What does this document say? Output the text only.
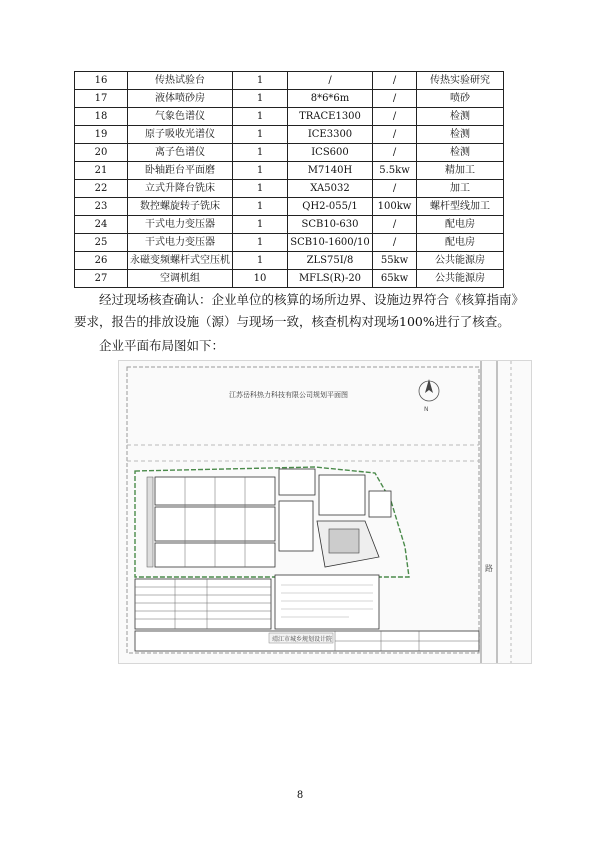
16	传热试验台	1	/	/	传热实验研究
17	液体喷砂房	1	8*6*6m	/	喷砂
18	气象色谱仪	1	TRACE1300	/	检测
19	原子吸收光谱仪	1	ICE3300	/	检测
20	离子色谱仪	1	ICS600	/	检测
21	卧轴距台平面磨	1	M7140H	5.5kw	精加工
22	立式升降台铣床	1	XA5032	/	加工
23	数控螺旋转子铣床	1	QH2-055/1	100kw	螺杆型线加工
24	干式电力变压器	1	SCB10-630	/	配电房
25	干式电力变压器	1	SCB10-1600/10	/	配电房
26	永磁变频螺杆式空压机	1	ZLS75I/8	55kw	公共能源房
27	空调机组	10	MFLS(R)-20	65kw	公共能源房

经过现场核查确认：企业单位的核算的场所边界、设施边界符合《核算指南》要求，报告的排放设施（源）与现场一致，核查机构对现场100%进行了核查。

企业平面布局图如下：

江苏岳科热力科技有限公司规划平面图
N
靖江市城乡规划设计院
路
8
